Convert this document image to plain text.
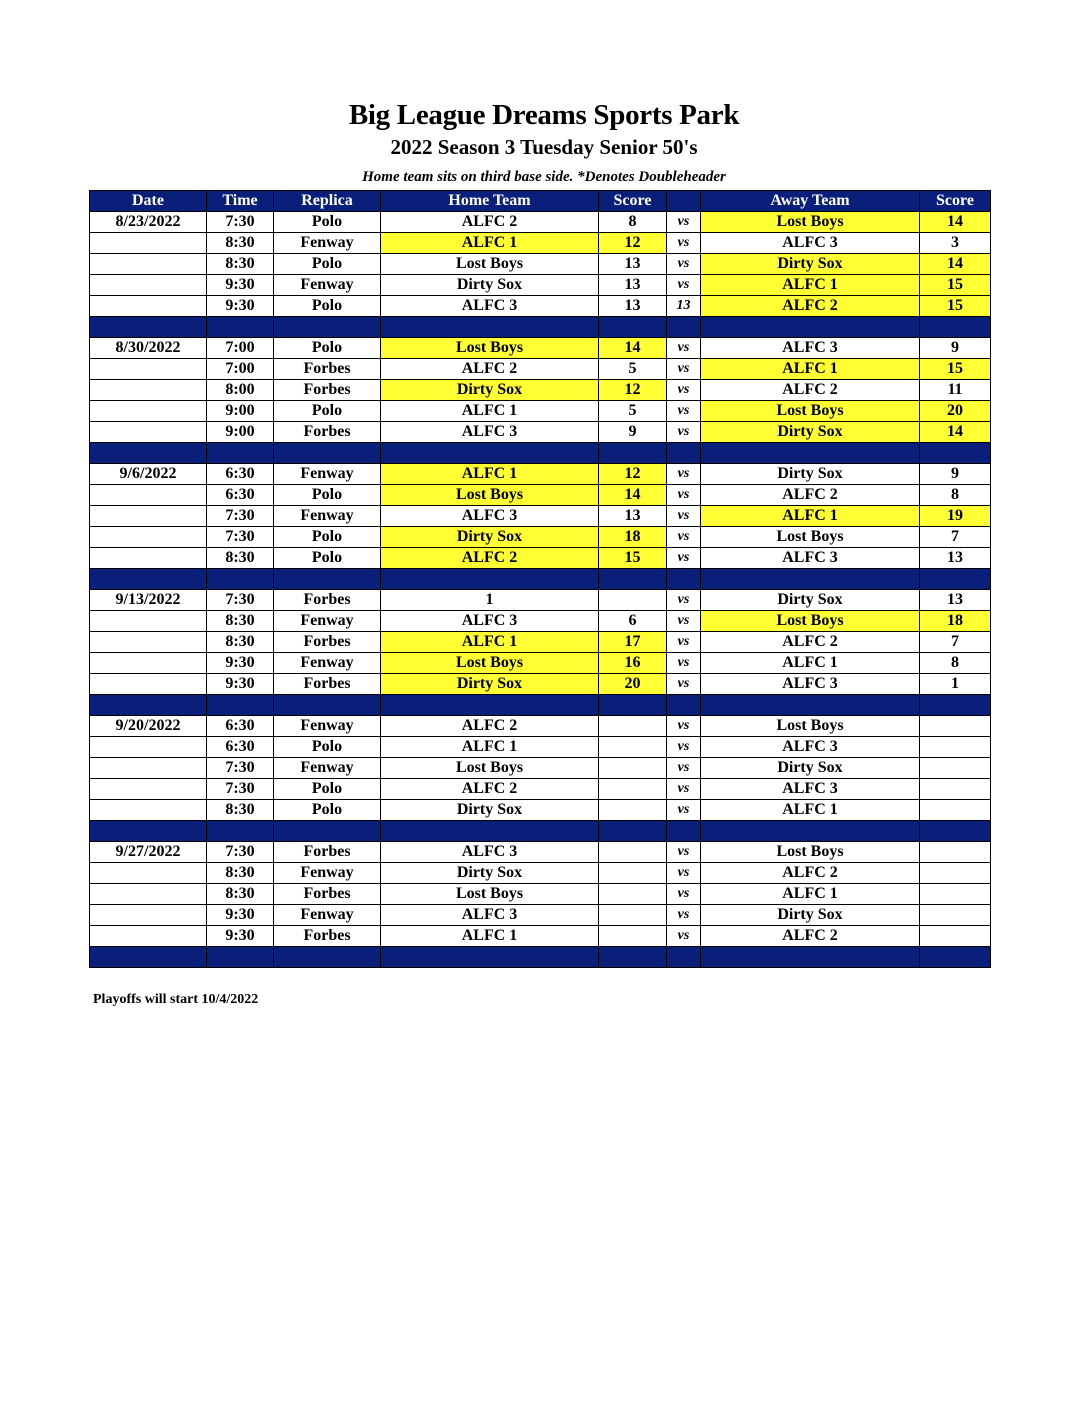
Big League Dreams Sports Park
2022 Season 3 Tuesday Senior 50's
Home team sits on third base side. *Denotes Doubleheader
Date	Time	Replica	Home Team	Score		Away Team	Score
8/23/2022	7:30	Polo	ALFC 2	8	vs	Lost Boys	14
	8:30	Fenway	ALFC 1	12	vs	ALFC 3	3
	8:30	Polo	Lost Boys	13	vs	Dirty Sox	14
	9:30	Fenway	Dirty Sox	13	vs	ALFC 1	15
	9:30	Polo	ALFC 3	13	13	ALFC 2	15

8/30/2022	7:00	Polo	Lost Boys	14	vs	ALFC 3	9
	7:00	Forbes	ALFC 2	5	vs	ALFC 1	15
	8:00	Forbes	Dirty Sox	12	vs	ALFC 2	11
	9:00	Polo	ALFC 1	5	vs	Lost Boys	20
	9:00	Forbes	ALFC 3	9	vs	Dirty Sox	14

9/6/2022	6:30	Fenway	ALFC 1	12	vs	Dirty Sox	9
	6:30	Polo	Lost Boys	14	vs	ALFC 2	8
	7:30	Fenway	ALFC 3	13	vs	ALFC 1	19
	7:30	Polo	Dirty Sox	18	vs	Lost Boys	7
	8:30	Polo	ALFC 2	15	vs	ALFC 3	13

9/13/2022	7:30	Forbes	1		vs	Dirty Sox	13
	8:30	Fenway	ALFC 3	6	vs	Lost Boys	18
	8:30	Forbes	ALFC 1	17	vs	ALFC 2	7
	9:30	Fenway	Lost Boys	16	vs	ALFC 1	8
	9:30	Forbes	Dirty Sox	20	vs	ALFC 3	1

9/20/2022	6:30	Fenway	ALFC 2		vs	Lost Boys	
	6:30	Polo	ALFC 1		vs	ALFC 3	
	7:30	Fenway	Lost Boys		vs	Dirty Sox	
	7:30	Polo	ALFC 2		vs	ALFC 3	
	8:30	Polo	Dirty Sox		vs	ALFC 1	

9/27/2022	7:30	Forbes	ALFC 3		vs	Lost Boys	
	8:30	Fenway	Dirty Sox		vs	ALFC 2	
	8:30	Forbes	Lost Boys		vs	ALFC 1	
	9:30	Fenway	ALFC 3		vs	Dirty Sox	
	9:30	Forbes	ALFC 1		vs	ALFC 2	

Playoffs will start 10/4/2022
